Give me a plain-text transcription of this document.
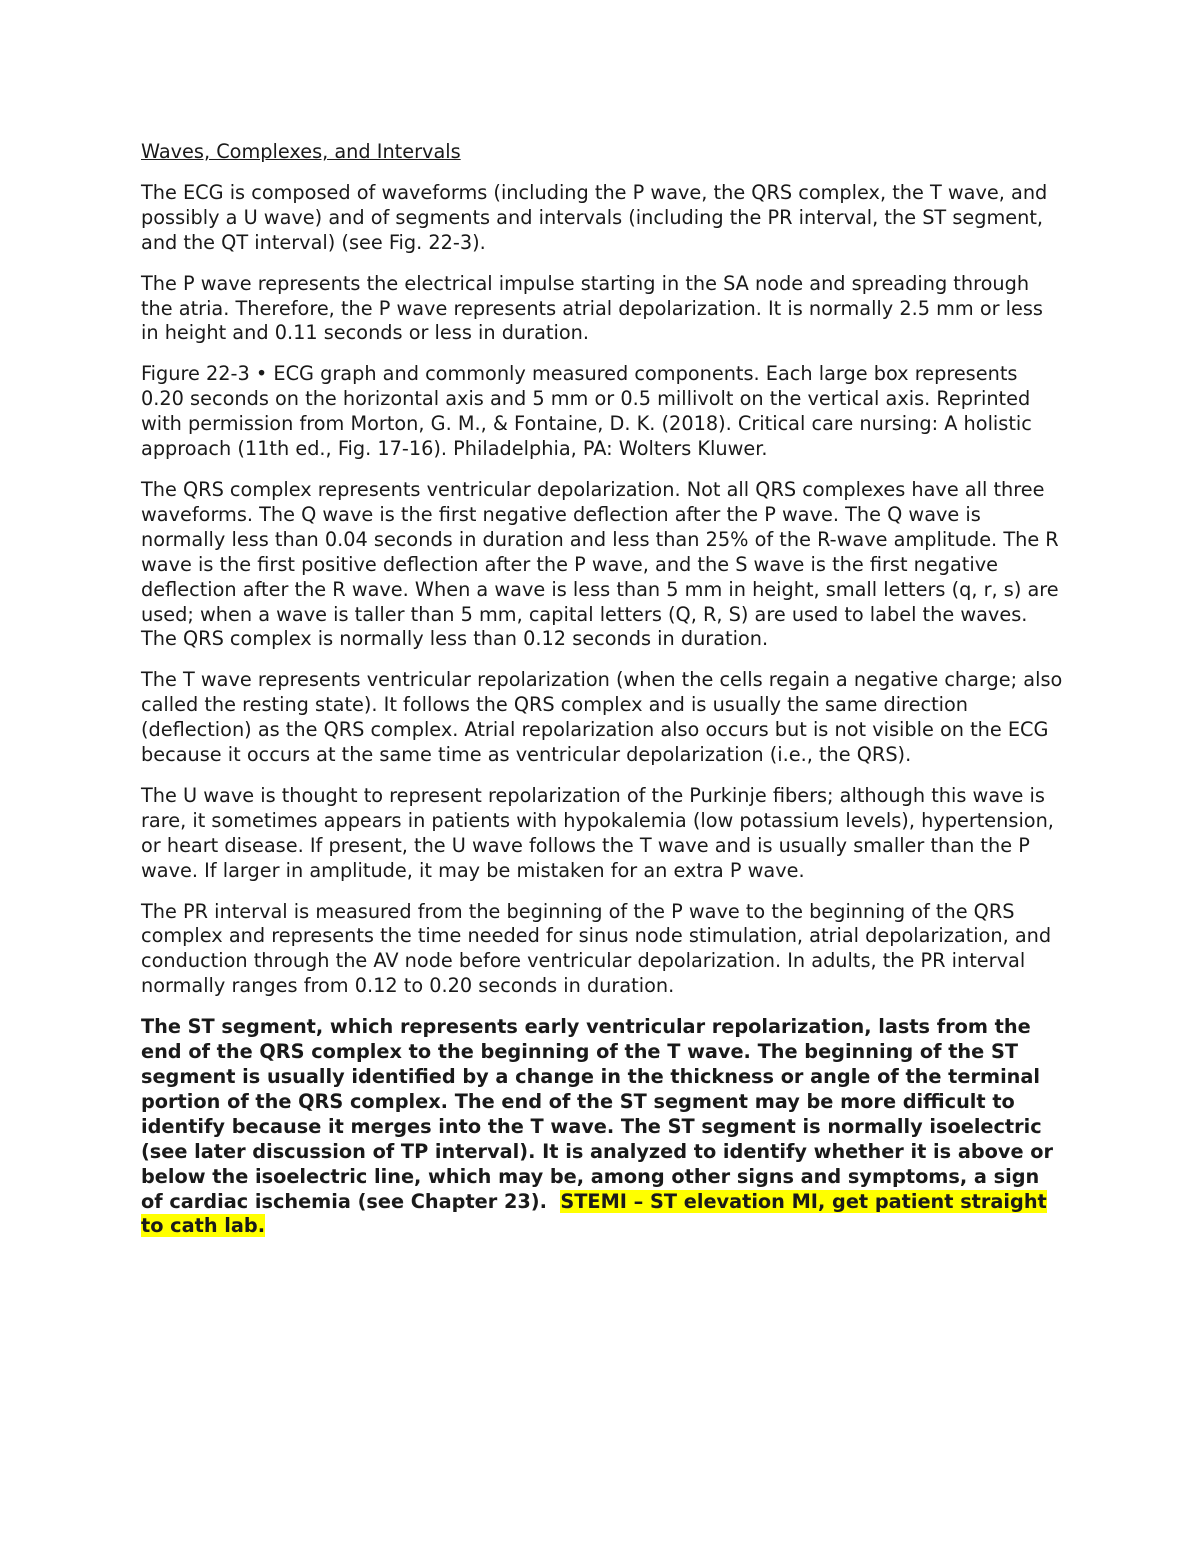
Waves, Complexes, and Intervals

The ECG is composed of waveforms (including the P wave, the QRS complex, the T wave, and possibly a U wave) and of segments and intervals (including the PR interval, the ST segment, and the QT interval) (see Fig. 22-3).

The P wave represents the electrical impulse starting in the SA node and spreading through the atria. Therefore, the P wave represents atrial depolarization. It is normally 2.5 mm or less in height and 0.11 seconds or less in duration.

Figure 22-3 • ECG graph and commonly measured components. Each large box represents 0.20 seconds on the horizontal axis and 5 mm or 0.5 millivolt on the vertical axis. Reprinted with permission from Morton, G. M., & Fontaine, D. K. (2018). Critical care nursing: A holistic approach (11th ed., Fig. 17-16). Philadelphia, PA: Wolters Kluwer.

The QRS complex represents ventricular depolarization. Not all QRS complexes have all three waveforms. The Q wave is the first negative deflection after the P wave. The Q wave is normally less than 0.04 seconds in duration and less than 25% of the R-wave amplitude. The R wave is the first positive deflection after the P wave, and the S wave is the first negative deflection after the R wave. When a wave is less than 5 mm in height, small letters (q, r, s) are used; when a wave is taller than 5 mm, capital letters (Q, R, S) are used to label the waves. The QRS complex is normally less than 0.12 seconds in duration.

The T wave represents ventricular repolarization (when the cells regain a negative charge; also called the resting state). It follows the QRS complex and is usually the same direction (deflection) as the QRS complex. Atrial repolarization also occurs but is not visible on the ECG because it occurs at the same time as ventricular depolarization (i.e., the QRS).

The U wave is thought to represent repolarization of the Purkinje fibers; although this wave is rare, it sometimes appears in patients with hypokalemia (low potassium levels), hypertension, or heart disease. If present, the U wave follows the T wave and is usually smaller than the P wave. If larger in amplitude, it may be mistaken for an extra P wave.

The PR interval is measured from the beginning of the P wave to the beginning of the QRS complex and represents the time needed for sinus node stimulation, atrial depolarization, and conduction through the AV node before ventricular depolarization. In adults, the PR interval normally ranges from 0.12 to 0.20 seconds in duration.

The ST segment, which represents early ventricular repolarization, lasts from the end of the QRS complex to the beginning of the T wave. The beginning of the ST segment is usually identified by a change in the thickness or angle of the terminal portion of the QRS complex. The end of the ST segment may be more difficult to identify because it merges into the T wave. The ST segment is normally isoelectric (see later discussion of TP interval). It is analyzed to identify whether it is above or below the isoelectric line, which may be, among other signs and symptoms, a sign of cardiac ischemia (see Chapter 23). STEMI – ST elevation MI, get patient straight to cath lab.
